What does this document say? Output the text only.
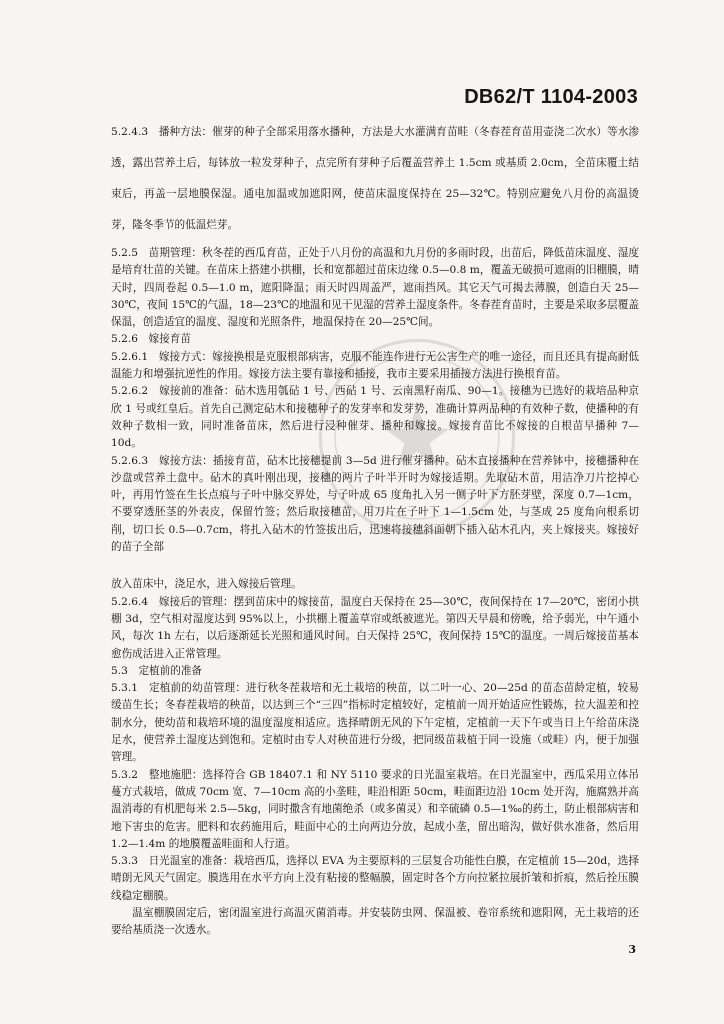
DB62/T 1104-2003

5.2.4.3　播种方法：催芽的种子全部采用落水播种，方法是大水灌满育苗畦（冬春茬育苗用壶浇二次水）等水渗透，露出营养土后，每钵放一粒发芽种子，点完所有芽种子后覆盖营养土 1.5cm 或基质 2.0cm，全苗床覆土结束后，再盖一层地膜保湿。通电加温或加遮阳网，使苗床温度保持在 25—32℃。特别应避免八月份的高温烫芽，隆冬季节的低温烂芽。

5.2.5　苗期管理：秋冬茬的西瓜育苗，正处于八月份的高温和九月份的多雨时段，出苗后，降低苗床温度、湿度是培育壮苗的关键。在苗床上搭建小拱棚，长和宽都超过苗床边缘 0.5—0.8 m，覆盖无破损可遮雨的旧棚膜，晴天时，四周卷起 0.5—1.0 m，遮阳降温；雨天时四周盖严，遮雨挡风。其它天气可揭去薄膜，创造白天 25—30℃，夜间 15℃的气温，18—23℃的地温和见干见湿的营养土湿度条件。冬春茬育苗时，主要是采取多层覆盖保温，创造适宜的温度、湿度和光照条件，地温保持在 20—25℃间。

5.2.6　嫁接育苗

5.2.6.1　嫁接方式：嫁接换根是克服根部病害，克服不能连作进行无公害生产的唯一途径，而且还具有提高耐低温能力和增强抗逆性的作用。嫁接方法主要有靠接和插接，我市主要采用插接方法进行换根育苗。

5.2.6.2　嫁接前的准备：砧木选用瓠砧 1 号、西砧 1 号、云南黑籽南瓜、90—1。接穗为已选好的栽培品种京欣 1 号或红皇后。首先自己测定砧木和接穗种子的发芽率和发芽势，准确计算两品种的有效种子数，使播种的有效种子数相一致，同时准备苗床，然后进行浸种催芽、播种和嫁接。嫁接育苗比不嫁接的自根苗早播种 7—10d。

5.2.6.3　嫁接方法：插接育苗，砧木比接穗提前 3—5d 进行催芽播种。砧木直接播种在营养钵中，接穗播种在沙盘或营养土盘中。砧木的真叶刚出现，接穗的两片子叶半开时为嫁接适期。先取砧木苗，用洁净刀片挖掉心叶，再用竹签在生长点痕与子叶中脉交界处，与子叶成 65 度角扎入另一侧子叶下方胚芽壁，深度 0.7—1cm，不要穿透胚茎的外表皮，保留竹签；然后取接穗苗，用刀片在子叶下 1—1.5cm 处，与茎成 25 度角向根系切削，切口长 0.5—0.7cm，将扎入砧木的竹签拔出后，迅速将接穗斜面朝下插入砧木孔内，夹上嫁接夹。嫁接好的苗子全部

放入苗床中，浇足水，进入嫁接后管理。

5.2.6.4　嫁接后的管理：摆到苗床中的嫁接苗，温度白天保持在 25—30℃，夜间保持在 17—20℃，密闭小拱棚 3d，空气相对湿度达到 95%以上，小拱棚上覆盖草帘或纸被遮光。第四天早晨和傍晚，给予弱光，中午通小风，每次 1h 左右，以后逐渐延长光照和通风时间。白天保持 25℃，夜间保持 15℃的温度。一周后嫁接苗基本愈伤成活进入正常管理。

5.3　定植前的准备

5.3.1　定植前的幼苗管理：进行秋冬茬栽培和无土栽培的秧苗，以二叶一心、20—25d 的苗态苗龄定植，较易缓苗生长；冬春茬栽培的秧苗，以达到三个“三四”指标时定植较好，定植前一周开始适应性锻炼，拉大温差和控制水分，使幼苗和栽培环境的温度湿度相适应。选择晴朗无风的下午定植，定植前一天下午或当日上午给苗床浇足水，使营养土湿度达到饱和。定植时由专人对秧苗进行分级，把同级苗栽植于同一设施（或畦）内，便于加强管理。

5.3.2　整地施肥：选择符合 GB 18407.1 和 NY 5110 要求的日光温室栽培。在日光温室中，西瓜采用立体吊蔓方式栽培，做成 70cm 宽、7—10cm 高的小垄畦，畦沿相距 50cm，畦面距边沿 10cm 处开沟，施腐熟并高温消毒的有机肥每米 2.5—5kg，同时撒含有地菌绝杀（或多菌灵）和辛硫磷 0.5—1‰的药土，防止根部病害和地下害虫的危害。肥料和农药施用后，畦面中心的土向两边分放，起成小垄，留出暗沟，做好供水准备，然后用 1.2—1.4m 的地膜覆盖畦面和人行道。

5.3.3　日光温室的准备：栽培西瓜，选择以 EVA 为主要原料的三层复合功能性白膜，在定植前 15—20d，选择晴朗无风天气固定。膜选用在水平方向上没有粘接的整幅膜，固定时各个方向拉紧拉展折皱和折痕，然后拴压膜线稳定棚膜。

温室棚膜固定后，密闭温室进行高温灭菌消毒。并安装防虫网、保温被、卷帘系统和遮阳网，无土栽培的还要给基质浇一次透水。

3
